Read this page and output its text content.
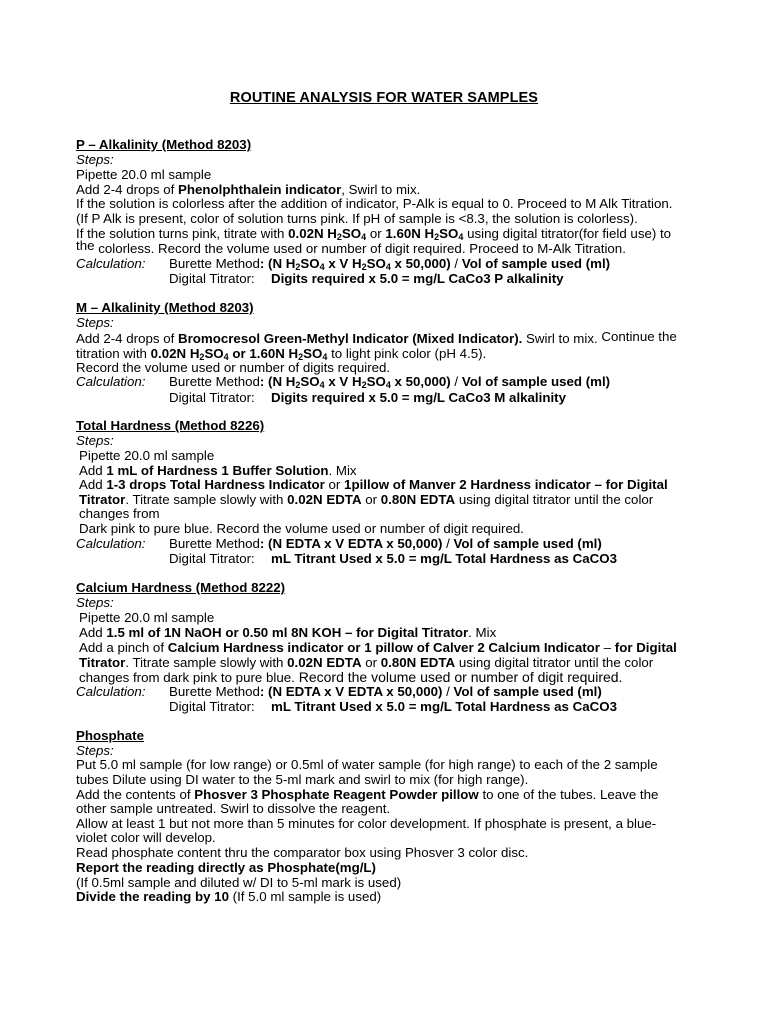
ROUTINE ANALYSIS FOR WATER SAMPLES
P – Alkalinity (Method 8203)
Steps:
Pipette 20.0 ml sample
Add 2-4 drops of Phenolphthalein indicator, Swirl to mix.
If the solution is colorless after the addition of indicator, P-Alk is equal to 0. Proceed to M Alk Titration.
(If P Alk is present, color of solution turns pink. If pH of sample is <8.3, the solution is colorless).
If the solution turns pink, titrate with 0.02N $H_2SO_4$ or 1.60N $H_2SO_4$ using digital titrator(for field use) to
the colorless. Record the volume used or number of digit required. Proceed to M-Alk Titration.
Calculation: Burette Method: (N $H_2SO_4$ x V $H_2SO_4$ x 50,000) / Vol of sample used (ml)
Digital Titrator: Digits required x 5.0 = mg/L CaCo3 P alkalinity
M – Alkalinity (Method 8203)
Steps:
Add 2-4 drops of Bromocresol Green-Methyl Indicator (Mixed Indicator). Swirl to mix. Continue the
titration with 0.02N $H_2SO_4$ or 1.60N $H_2SO_4$ to light pink color (pH 4.5).
Record the volume used or number of digits required.
Calculation: Burette Method: (N $H_2SO_4$ x V $H_2SO_4$ x 50,000) / Vol of sample used (ml)
Digital Titrator: Digits required x 5.0 = mg/L CaCo3 M alkalinity
Total Hardness (Method 8226)
Steps:
Pipette 20.0 ml sample
Add 1 mL of Hardness 1 Buffer Solution. Mix
Add 1-3 drops Total Hardness Indicator or 1pillow of Manver 2 Hardness indicator – for Digital
Titrator. Titrate sample slowly with 0.02N EDTA or 0.80N EDTA using digital titrator until the color
changes from
Dark pink to pure blue. Record the volume used or number of digit required.
Calculation: Burette Method: (N EDTA x V EDTA x 50,000) / Vol of sample used (ml)
Digital Titrator: mL Titrant Used x 5.0 = mg/L Total Hardness as CaCO3
Calcium Hardness (Method 8222)
Steps:
Pipette 20.0 ml sample
Add 1.5 ml of 1N NaOH or 0.50 ml 8N KOH – for Digital Titrator. Mix
Add a pinch of Calcium Hardness indicator or 1 pillow of Calver 2 Calcium Indicator – for Digital
Titrator. Titrate sample slowly with 0.02N EDTA or 0.80N EDTA using digital titrator until the color
changes from dark pink to pure blue. Record the volume used or number of digit required.
Calculation: Burette Method: (N EDTA x V EDTA x 50,000) / Vol of sample used (ml)
Digital Titrator: mL Titrant Used x 5.0 = mg/L Total Hardness as CaCO3
Phosphate
Steps:
Put 5.0 ml sample (for low range) or 0.5ml of water sample (for high range) to each of the 2 sample
tubes Dilute using DI water to the 5-ml mark and swirl to mix (for high range).
Add the contents of Phosver 3 Phosphate Reagent Powder pillow to one of the tubes. Leave the
other sample untreated. Swirl to dissolve the reagent.
Allow at least 1 but not more than 5 minutes for color development. If phosphate is present, a blue-
violet color will develop.
Read phosphate content thru the comparator box using Phosver 3 color disc.
Report the reading directly as Phosphate(mg/L)
(If 0.5ml sample and diluted w/ DI to 5-ml mark is used)
Divide the reading by 10 (If 5.0 ml sample is used)
